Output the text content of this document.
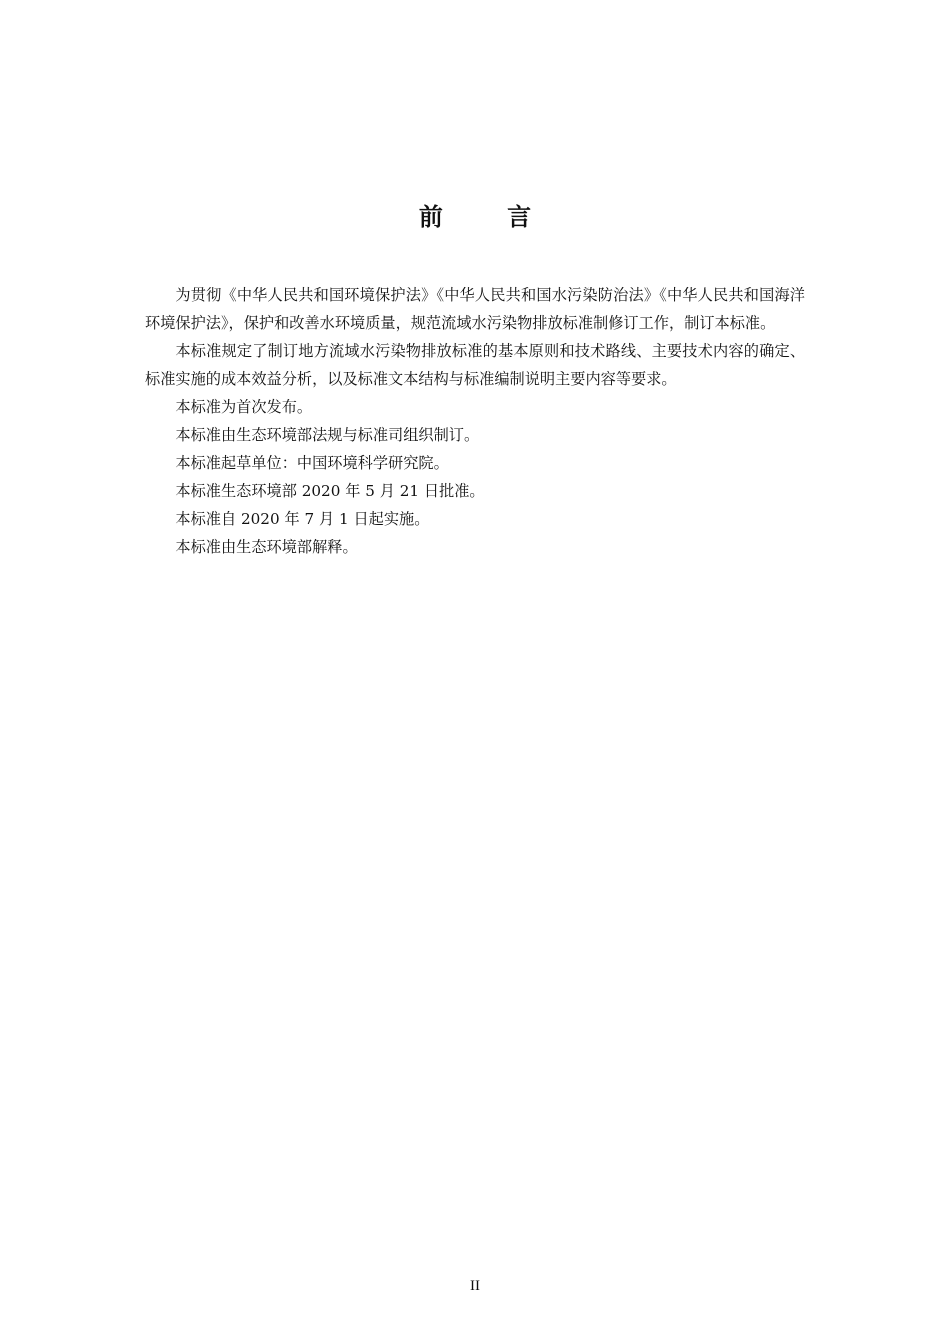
前 言

为贯彻《中华人民共和国环境保护法》《中华人民共和国水污染防治法》《中华人民共和国海洋环境保护法》，保护和改善水环境质量，规范流域水污染物排放标准制修订工作，制订本标准。

本标准规定了制订地方流域水污染物排放标准的基本原则和技术路线、主要技术内容的确定、标准实施的成本效益分析，以及标准文本结构与标准编制说明主要内容等要求。

本标准为首次发布。

本标准由生态环境部法规与标准司组织制订。

本标准起草单位：中国环境科学研究院。

本标准生态环境部 2020 年 5 月 21 日批准。

本标准自 2020 年 7 月 1 日起实施。

本标准由生态环境部解释。

II
